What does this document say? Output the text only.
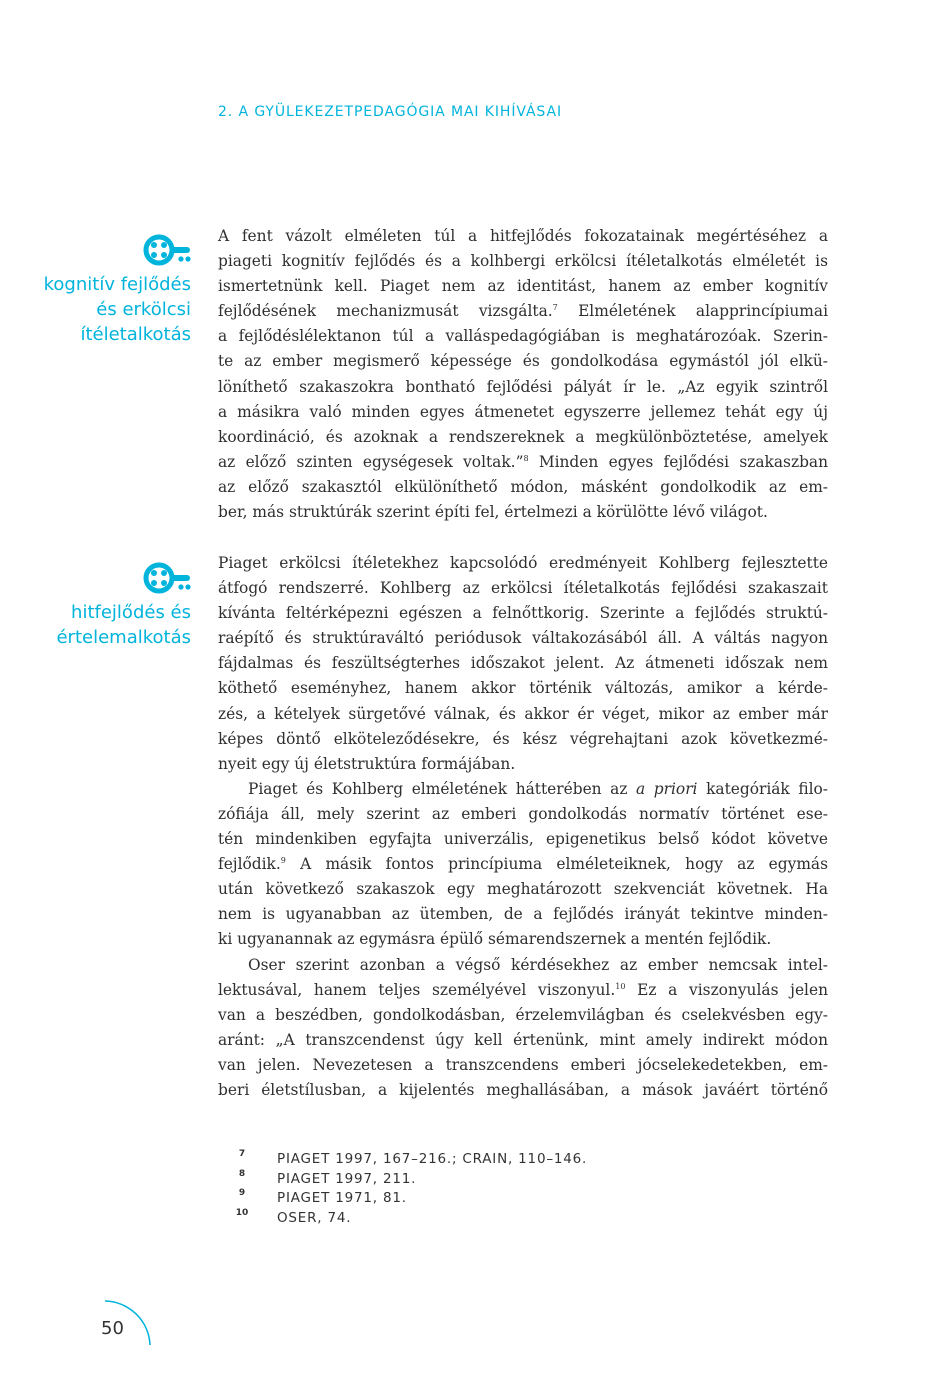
2. A GYÜLEKEZETPEDAGÓGIA MAI KIHÍVÁSAI
kognitív fejlődés
és erkölcsi
ítéletalkotás
hitfejlődés és
értelemalkotás
A fent vázolt elméleten túl a hitfejlődés fokozatainak megértéséhez a
piageti kognitív fejlődés és a kolhbergi erkölcsi ítéletalkotás elméletét is
ismertetnünk kell. Piaget nem az identitást, hanem az ember kognitív
fejlődésének mechanizmusát vizsgálta.$^7$ Elméletének alapprincípiumai
a fejlődéslélektanon túl a valláspedagógiában is meghatározóak. Szerin-
te az ember megismerő képessége és gondolkodása egymástól jól elkü-
löníthető szakaszokra bontható fejlődési pályát ír le. „Az egyik szintről
a másikra való minden egyes átmenetet egyszerre jellemez tehát egy új
koordináció, és azoknak a rendszereknek a megkülönböztetése, amelyek
az előző szinten egységesek voltak.”$^8$ Minden egyes fejlődési szakaszban
az előző szakasztól elkülöníthető módon, másként gondolkodik az em-
ber, más struktúrák szerint építi fel, értelmezi a körülötte lévő világot.
Piaget erkölcsi ítéletekhez kapcsolódó eredményeit Kohlberg fejlesztette
átfogó rendszerré. Kohlberg az erkölcsi ítéletalkotás fejlődési szakaszait
kívánta feltérképezni egészen a felnőttkorig. Szerinte a fejlődés struktú-
raépítő és struktúraváltó periódusok váltakozásából áll. A váltás nagyon
fájdalmas és feszültségterhes időszakot jelent. Az átmeneti időszak nem
köthető eseményhez, hanem akkor történik változás, amikor a kérde-
zés, a kételyek sürgetővé válnak, és akkor ér véget, mikor az ember már
képes döntő elköteleződésekre, és kész végrehajtani azok következmé-
nyeit egy új életstruktúra formájában.
Piaget és Kohlberg elméletének hátterében az a priori kategóriák filo-
zófiája áll, mely szerint az emberi gondolkodás normatív történet ese-
tén mindenkiben egyfajta univerzális, epigenetikus belső kódot követve
fejlődik.$^9$ A másik fontos princípiuma elméleteiknek, hogy az egymás
után következő szakaszok egy meghatározott szekvenciát követnek. Ha
nem is ugyanabban az ütemben, de a fejlődés irányát tekintve minden-
ki ugyanannak az egymásra épülő sémarendszernek a mentén fejlődik.
Oser szerint azonban a végső kérdésekhez az ember nemcsak intel-
lektusával, hanem teljes személyével viszonyul.$^{10}$ Ez a viszonyulás jelen
van a beszédben, gondolkodásban, érzelemvilágban és cselekvésben egy-
aránt: „A transzcendenst úgy kell értenünk, mint amely indirekt módon
van jelen. Nevezetesen a transzcendens emberi jócselekedetekben, em-
beri életstílusban, a kijelentés meghallásában, a mások javáért történő
7	PIAGET 1997, 167–216.; CRAIN, 110–146.
8	PIAGET 1997, 211.
9	PIAGET 1971, 81.
10	OSER, 74.
50
